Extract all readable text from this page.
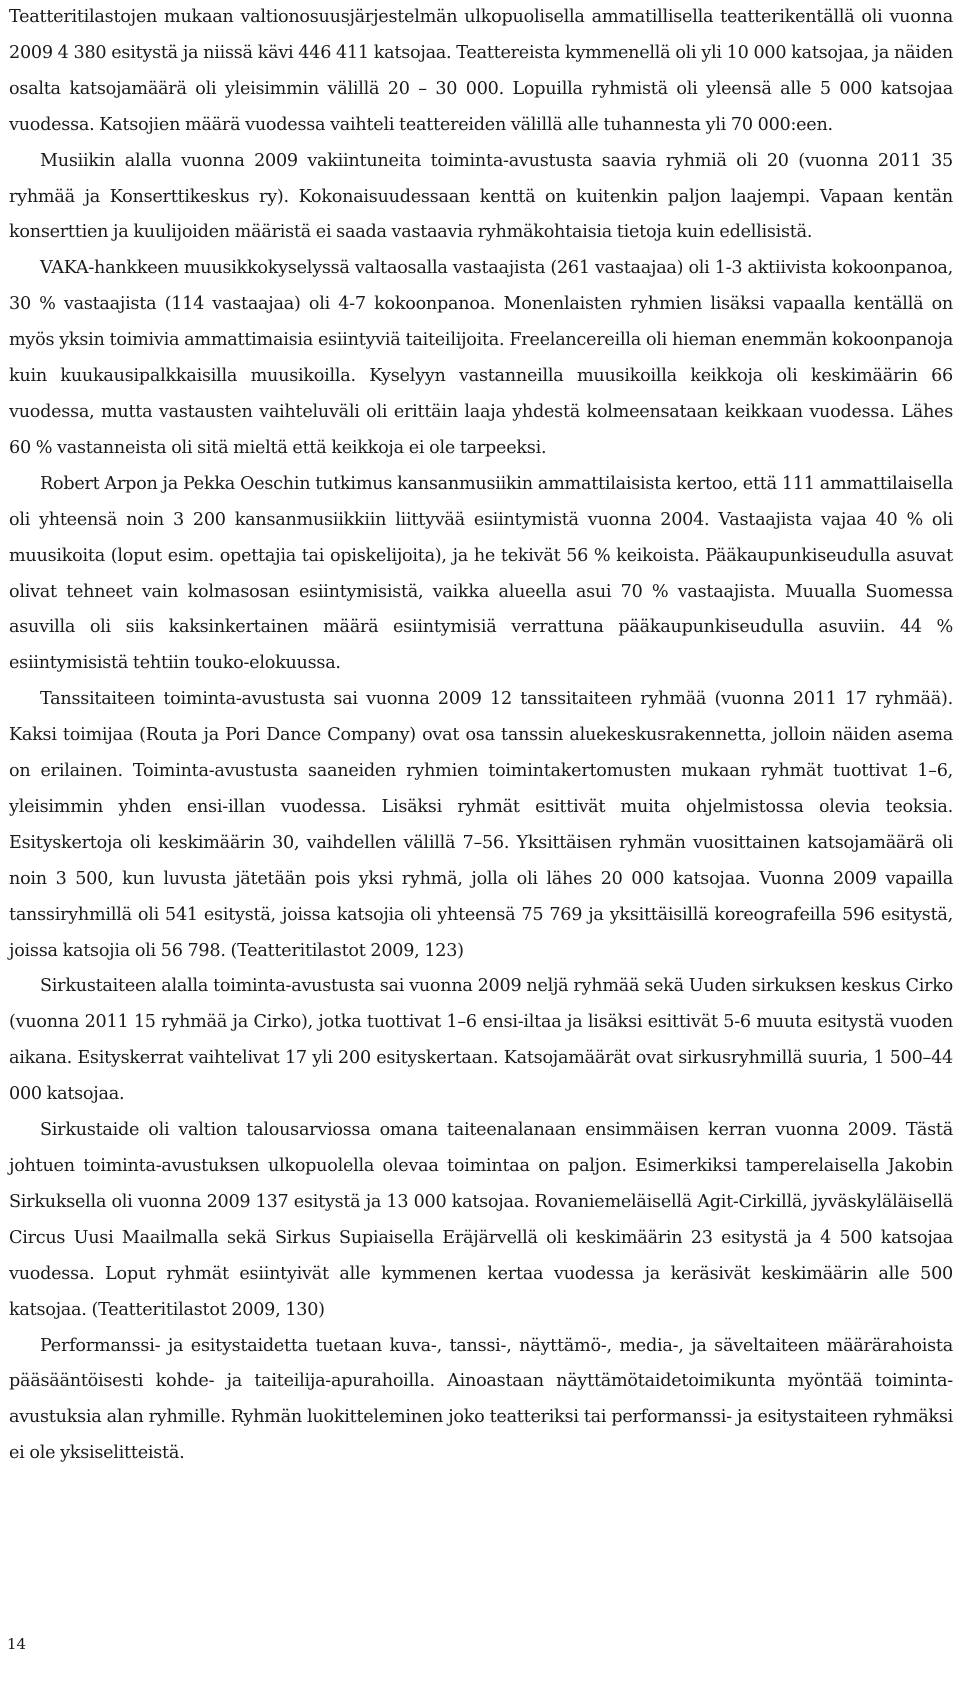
Teatteritilastojen mukaan valtionosuusjärjestelmän ulkopuolisella ammatillisella teatterikentällä oli vuonna 2009 4 380 esitystä ja niissä kävi 446 411 katsojaa. Teattereista kymmenellä oli yli 10 000 katsojaa, ja näiden osalta katsojamäärä oli yleisimmin välillä 20 – 30 000. Lopuilla ryhmistä oli yleensä alle 5 000 katsojaa vuodessa. Katsojien määrä vuodessa vaihteli teattereiden välillä alle tuhannesta yli 70 000:een.

Musiikin alalla vuonna 2009 vakiintuneita toiminta-avustusta saavia ryhmiä oli 20 (vuonna 2011 35 ryhmää ja Konserttikeskus ry). Kokonaisuudessaan kenttä on kuitenkin paljon laajempi. Vapaan kentän konserttien ja kuulijoiden määristä ei saada vastaavia ryhmäkohtaisia tietoja kuin edellisistä.

VAKA-hankkeen muusikkokyselyssä valtaosalla vastaajista (261 vastaajaa) oli 1-3 aktiivista kokoonpanoa, 30 % vastaajista (114 vastaajaa) oli 4-7 kokoonpanoa. Monenlaisten ryhmien lisäksi vapaalla kentällä on myös yksin toimivia ammattimaisia esiintyviä taiteilijoita. Freelancereilla oli hieman enemmän kokoonpanoja kuin kuukausipalkkaisilla muusikoilla. Kyselyyn vastanneilla muusikoilla keikkoja oli keskimäärin 66 vuodessa, mutta vastausten vaihteluväli oli erittäin laaja yhdestä kolmeensataan keikkaan vuodessa. Lähes 60 % vastanneista oli sitä mieltä että keikkoja ei ole tarpeeksi.

Robert Arpon ja Pekka Oeschin tutkimus kansanmusiikin ammattilaisista kertoo, että 111 ammattilaisella oli yhteensä noin 3 200 kansanmusiikkiin liittyvää esiintymistä vuonna 2004. Vastaajista vajaa 40 % oli muusikoita (loput esim. opettajia tai opiskelijoita), ja he tekivät 56 % keikoista. Pääkaupunkiseudulla asuvat olivat tehneet vain kolmasosan esiintymisistä, vaikka alueella asui 70 % vastaajista. Muualla Suomessa asuvilla oli siis kaksinkertainen määrä esiintymisiä verrattuna pääkaupunkiseudulla asuviin. 44 % esiintymisistä tehtiin touko-elokuussa.

Tanssitaiteen toiminta-avustusta sai vuonna 2009 12 tanssitaiteen ryhmää (vuonna 2011 17 ryhmää). Kaksi toimijaa (Routa ja Pori Dance Company) ovat osa tanssin aluekeskusrakennetta, jolloin näiden asema on erilainen. Toiminta-avustusta saaneiden ryhmien toimintakertomusten mukaan ryhmät tuottivat 1–6, yleisimmin yhden ensi-illan vuodessa. Lisäksi ryhmät esittivät muita ohjelmistossa olevia teoksia. Esityskertoja oli keskimäärin 30, vaihdellen välillä 7–56. Yksittäisen ryhmän vuosittainen katsojamäärä oli noin 3 500, kun luvusta jätetään pois yksi ryhmä, jolla oli lähes 20 000 katsojaa. Vuonna 2009 vapailla tanssiryhmillä oli 541 esitystä, joissa katsojia oli yhteensä 75 769 ja yksittäisillä koreografeilla 596 esitystä, joissa katsojia oli 56 798. (Teatteritilastot 2009, 123)

Sirkustaiteen alalla toiminta-avustusta sai vuonna 2009 neljä ryhmää sekä Uuden sirkuksen keskus Cirko (vuonna 2011 15 ryhmää ja Cirko), jotka tuottivat 1–6 ensi-iltaa ja lisäksi esittivät 5-6 muuta esitystä vuoden aikana. Esityskerrat vaihtelivat 17 yli 200 esityskertaan. Katsojamäärät ovat sirkusryhmillä suuria, 1 500–44 000 katsojaa.

Sirkustaide oli valtion talousarviossa omana taiteenalanaan ensimmäisen kerran vuonna 2009. Tästä johtuen toiminta-avustuksen ulkopuolella olevaa toimintaa on paljon. Esimerkiksi tamperelaisella Jakobin Sirkuksella oli vuonna 2009 137 esitystä ja 13 000 katsojaa. Rovaniemeläisellä Agit-Cirkillä, jyväskyläläisellä Circus Uusi Maailmalla sekä Sirkus Supiaisella Eräjärvellä oli keskimäärin 23 esitystä ja 4 500 katsojaa vuodessa. Loput ryhmät esiintyivät alle kymmenen kertaa vuodessa ja keräsivät keskimäärin alle 500 katsojaa. (Teatteritilastot 2009, 130)

Performanssi- ja esitystaidetta tuetaan kuva-, tanssi-, näyttämö-, media-, ja säveltaiteen määrärahoista pääsääntöisesti kohde- ja taiteilija-apurahoilla. Ainoastaan näyttämötaidetoimikunta myöntää toiminta-avustuksia alan ryhmille. Ryhmän luokitteleminen joko teatteriksi tai performanssi- ja esitystaiteen ryhmäksi ei ole yksiselitteistä.

14
